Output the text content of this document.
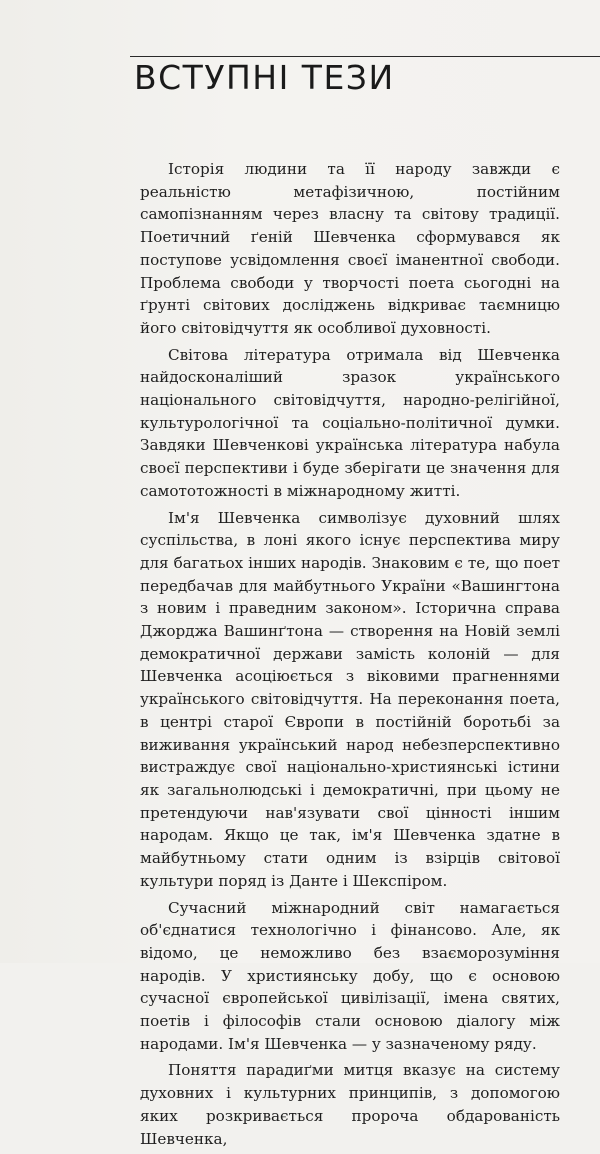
ВСТУПНІ ТЕЗИ

Історія людини та її народу завжди є реальністю метафізичною, постійним самопізнанням через власну та світову традиції. Поетичний ґеній Шевченка сформувався як поступове усвідомлення своєї іманентної свободи. Проблема свободи у творчості поета сьогодні на ґрунті світових досліджень відкриває таємницю його світовідчуття як особливої духовності.

Світова література отримала від Шевченка найдосконаліший зразок українського національного світовідчуття, народно-релігійної, культурологічної та соціально-політичної думки. Завдяки Шевченкові українська література набула своєї перспективи і буде зберігати це значення для самототожності в міжнародному житті.

Ім'я Шевченка символізує духовний шлях суспільства, в лоні якого існує перспектива миру для багатьох інших народів. Знаковим є те, що поет передбачав для майбутнього України «Вашингтона з новим і праведним законом». Історична справа Джорджа Вашинґтона — створення на Новій землі демократичної держави замість колоній — для Шевченка асоціюється з віковими прагненнями українського світовідчуття. На переконання поета, в центрі старої Європи в постійній боротьбі за виживання український народ небезперспективно вистраждує свої національно-християнські істини як загальнолюдські і демократичні, при цьому не претендуючи нав'язувати свої цінності іншим народам. Якщо це так, ім'я Шевченка здатне в майбутньому стати одним із взірців світової культури поряд із Данте і Шекспіром.

Сучасний міжнародний світ намагається об'єднатися технологічно і фінансово. Але, як відомо, це неможливо без взаєморозуміння народів. У християнську добу, що є основою сучасної європейської цивілізації, імена святих, поетів і філософів стали основою діалогу між народами. Ім'я Шевченка — у зазначеному ряду.

Поняття парадиґми митця вказує на систему духовних і культурних принципів, з допомогою яких розкривається пророча обдарованість Шевченка,
